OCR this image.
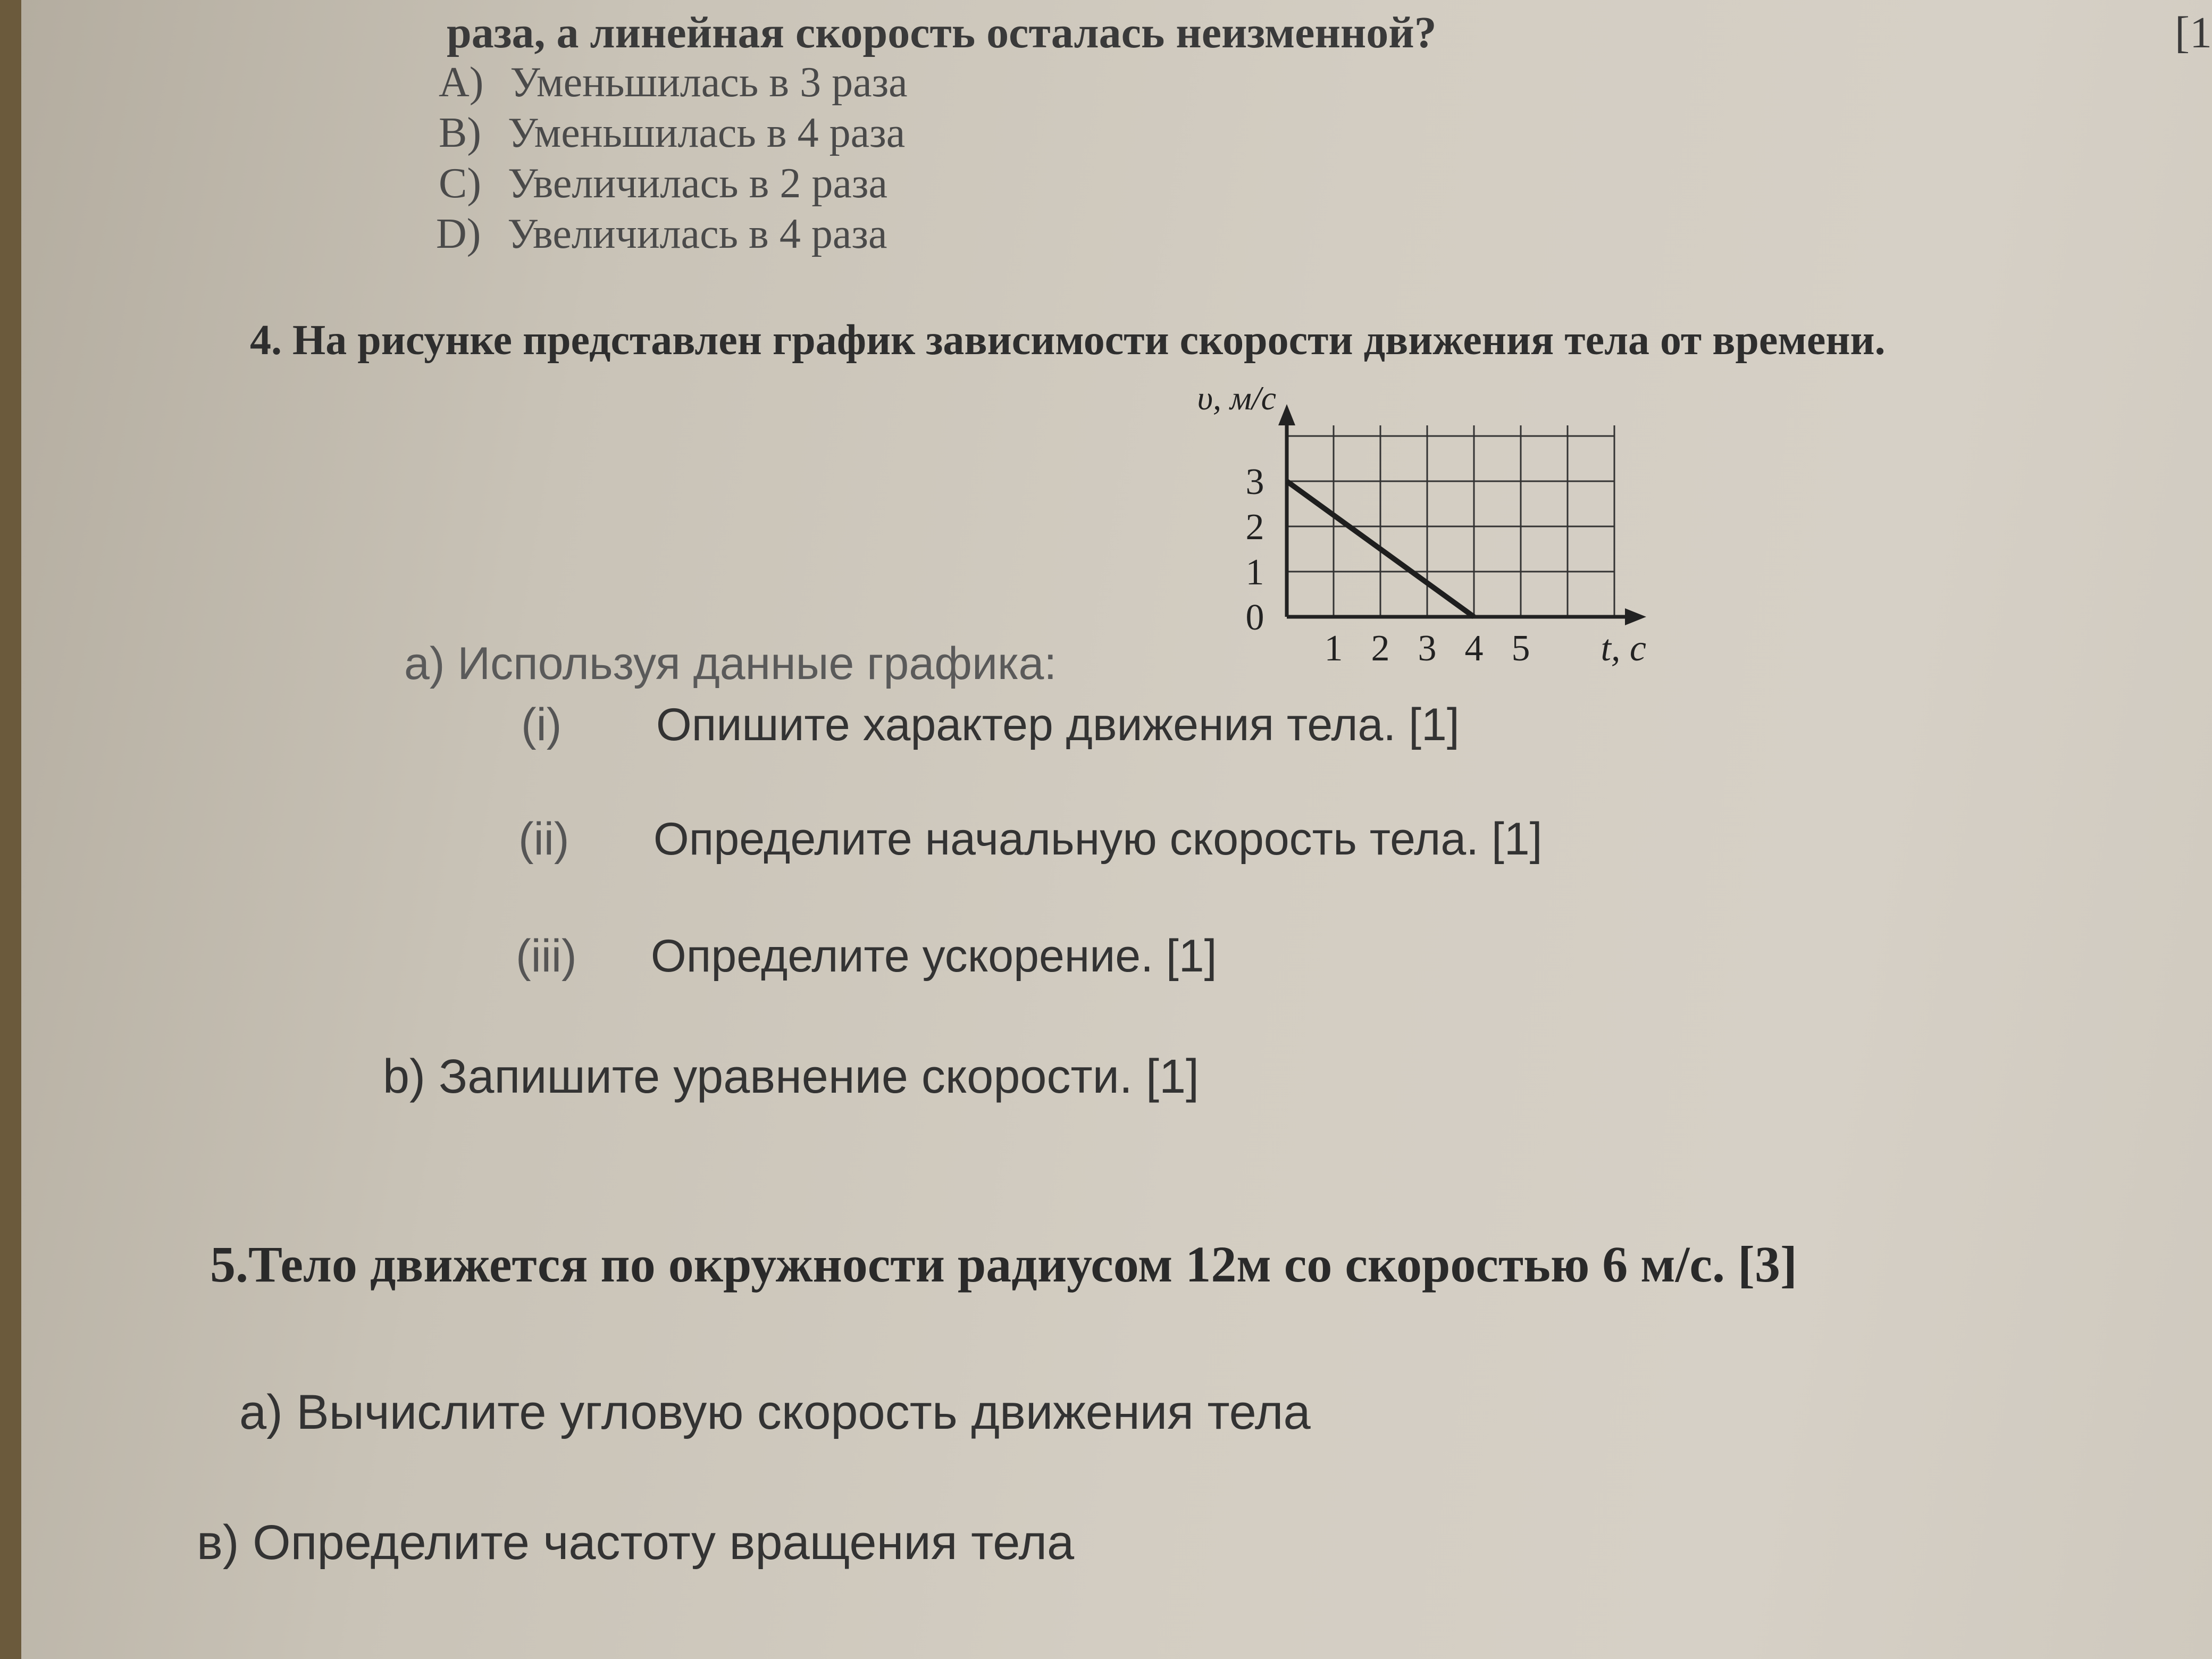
раза, а линейная скорость осталась неизменной?	[1
A) Уменьшилась в 3 раза
B) Уменьшилась в 4 раза
C) Увеличилась в 2 раза
D) Увеличилась в 4 раза
4. На рисунке представлен график зависимости скорости движения тела от времени.
0
1
2
3
1 2 3 4 5
υ, м/с
t, с
a) Используя данные графика:
(i) Опишите характер движения тела. [1]
(ii) Определите начальную скорость тела. [1]
(iii) Определите ускорение. [1]
b) Запишите уравнение скорости. [1]
5.Тело движется по окружности радиусом 12м со скоростью 6 м/с. [3]
а) Вычислите угловую скорость движения тела
в) Определите частоту вращения тела
